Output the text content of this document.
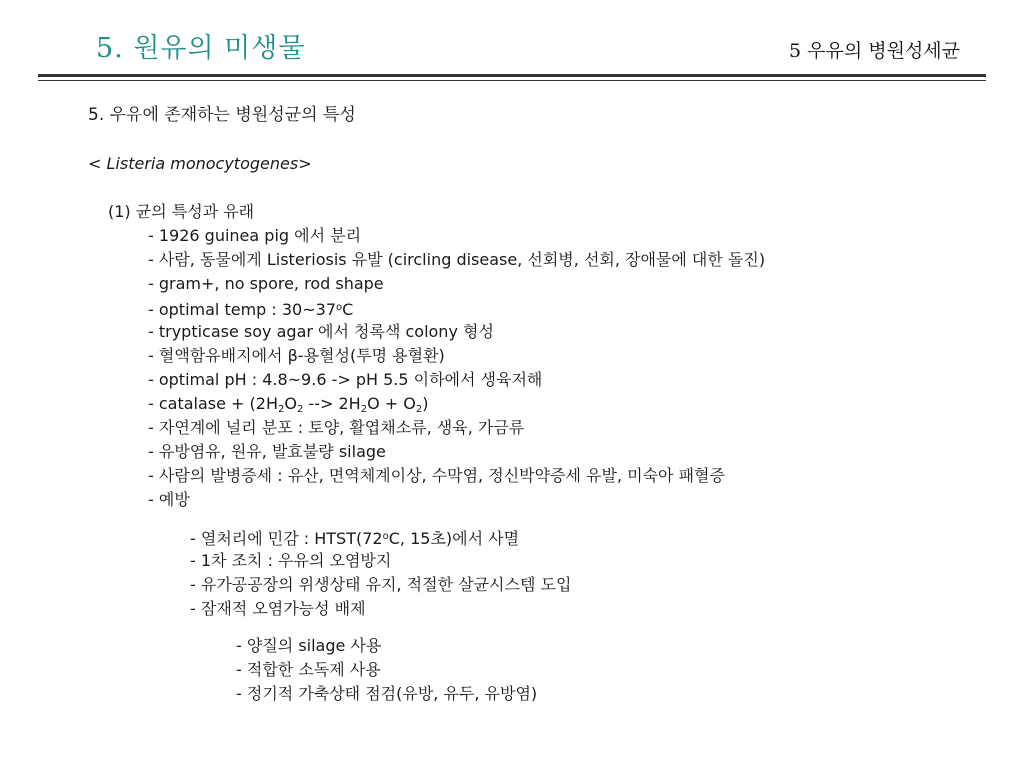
5. 원유의 미생물	5 우유의 병원성세균
5. 우유에 존재하는 병원성균의 특성
< Listeria monocytogenes>
(1) 균의 특성과 유래
- 1926 guinea pig 에서 분리
- 사람, 동물에게 Listeriosis 유발 (circling disease, 선회병, 선회, 장애물에 대한 돌진)
- gram+, no spore, rod shape
- optimal temp : 30~37$^o$C
- trypticase soy agar 에서 청록색 colony 형성
- 혈액함유배지에서 β-용혈성(투명 용혈환)
- optimal pH : 4.8~9.6 -> pH 5.5 이하에서 생육저해
- catalase + ($2H_2O_2$ --> $2H_2O + O_2$)
- 자연계에 널리 분포 : 토양, 활엽채소류, 생육, 가금류
- 유방염유, 원유, 발효불량 silage
- 사람의 발병증세 : 유산, 면역체계이상, 수막염, 정신박약증세 유발, 미숙아 패혈증
- 예방
- 열처리에 민감 : HTST(72$^o$C, 15초)에서 사멸
- 1차 조치 : 우유의 오염방지
- 유가공공장의 위생상태 유지, 적절한 살균시스템 도입
- 잠재적 오염가능성 배제
- 양질의 silage 사용
- 적합한 소독제 사용
- 정기적 가축상태 점검(유방, 유두, 유방염)
